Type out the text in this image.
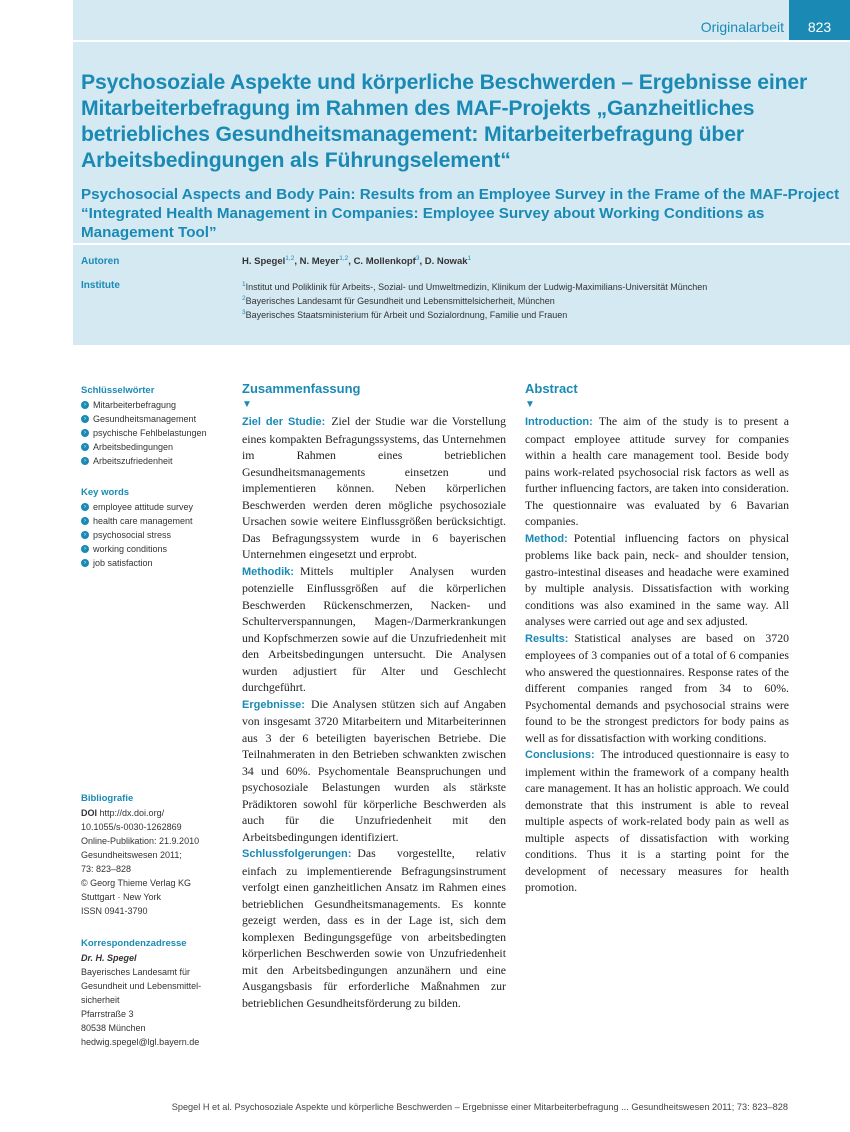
Originalarbeit	823
Psychosoziale Aspekte und körperliche Beschwerden – Ergebnisse einer Mitarbeiterbefragung im Rahmen des MAF-Projekts „Ganzheitliches betriebliches Gesundheitsmanagement: Mitarbeiterbefragung über Arbeitsbedingungen als Führungselement“
Psychosocial Aspects and Body Pain: Results from an Employee Survey in the Frame of the MAF-Project “Integrated Health Management in Companies: Employee Survey about Working Conditions as Management Tool”
Autoren	H. Spegel$^{1,2}$, N. Meyer$^{1,2}$, C. Mollenkopf$^3$, D. Nowak$^1$
Institute	$^1$Institut und Poliklinik für Arbeits-, Sozial- und Umweltmedizin, Klinikum der Ludwig-Maximilians-Universität München
$^2$Bayerisches Landesamt für Gesundheit und Lebensmittelsicherheit, München
$^3$Bayerisches Staatsministerium für Arbeit und Sozialordnung, Familie und Frauen
Schlüsselwörter
› Mitarbeiterbefragung
› Gesundheitsmanagement
› psychische Fehlbelastungen
› Arbeitsbedingungen
› Arbeitszufriedenheit
Key words
› employee attitude survey
› health care management
› psychosocial stress
› working conditions
› job satisfaction
Bibliografie
DOI http://dx.doi.org/
10.1055/s-0030-1262869
Online-Publikation: 21.9.2010
Gesundheitswesen 2011;
73: 823–828
© Georg Thieme Verlag KG
Stuttgart · New York
ISSN 0941-3790
Korrespondenzadresse
Dr. H. Spegel
Bayerisches Landesamt für
Gesundheit und Lebensmittel-
sicherheit
Pfarrstraße 3
80538 München
hedwig.spegel@lgl.bayern.de
Zusammenfassung
▼

Ziel der Studie: Ziel der Studie war die Vorstellung eines kompakten Befragungssystems, das Unternehmen im Rahmen eines betrieblichen Gesundheitsmanagements einsetzen und implementieren können. Neben körperlichen Beschwerden werden deren mögliche psychosoziale Ursachen sowie weitere Einflussgrößen berücksichtigt. Das Befragungssystem wurde in 6 bayerischen Unternehmen eingesetzt und erprobt.

Methodik: Mittels multipler Analysen wurden potenzielle Einflussgrößen auf die körperlichen Beschwerden Rückenschmerzen, Nacken- und Schulterverspannungen, Magen-/Darmerkrankungen und Kopfschmerzen sowie auf die Unzufriedenheit mit den Arbeitsbedingungen untersucht. Die Analysen wurden adjustiert für Alter und Geschlecht durchgeführt.

Ergebnisse: Die Analysen stützen sich auf Angaben von insgesamt 3720 Mitarbeitern und Mitarbeiterinnen aus 3 der 6 beteiligten bayerischen Betriebe. Die Teilnahmeraten in den Betrieben schwankten zwischen 34 und 60%. Psychomentale Beanspruchungen und psychosoziale Belastungen wurden als stärkste Prädiktoren sowohl für körperliche Beschwerden als auch für die Unzufriedenheit mit den Arbeitsbedingungen identifiziert.

Schlussfolgerungen: Das vorgestellte, relativ einfach zu implementierende Befragungsinstrument verfolgt einen ganzheitlichen Ansatz im Rahmen eines betrieblichen Gesundheitsmanagements. Es konnte gezeigt werden, dass es in der Lage ist, sich dem komplexen Bedingungsgefüge von arbeitsbedingten körperlichen Beschwerden sowie von Unzufriedenheit mit den Arbeitsbedingungen anzunähern und eine Ausgangsbasis für erforderliche Maßnahmen zur betrieblichen Gesundheitsförderung zu bilden.

Abstract
▼

Introduction: The aim of the study is to present a compact employee attitude survey for companies within a health care management tool. Beside body pains work-related psychosocial risk factors as well as further influencing factors, are taken into consideration. The questionnaire was evaluated by 6 Bavarian companies.

Method: Potential influencing factors on physical problems like back pain, neck- and shoulder tension, gastro-intestinal diseases and headache were examined by multiple analysis. Dissatisfaction with working conditions was also examined in the same way. All analyses were carried out age and sex adjusted.

Results: Statistical analyses are based on 3720 employees of 3 companies out of a total of 6 companies who answered the questionnaires. Response rates of the different companies ranged from 34 to 60%. Psychomental demands and psychosocial strains were found to be the strongest predictors for body pains as well as for dissatisfaction with working conditions.

Conclusions: The introduced questionnaire is easy to implement within the framework of a company health care management. It has an holistic approach. We could demonstrate that this instrument is able to reveal multiple aspects of work-related body pain as well as multiple aspects of dissatisfaction with working conditions. Thus it is a starting point for the development of necessary measures for health promotion.

Spegel H et al. Psychosoziale Aspekte und körperliche Beschwerden – Ergebnisse einer Mitarbeiterbefragung ... Gesundheitswesen 2011; 73: 823–828
